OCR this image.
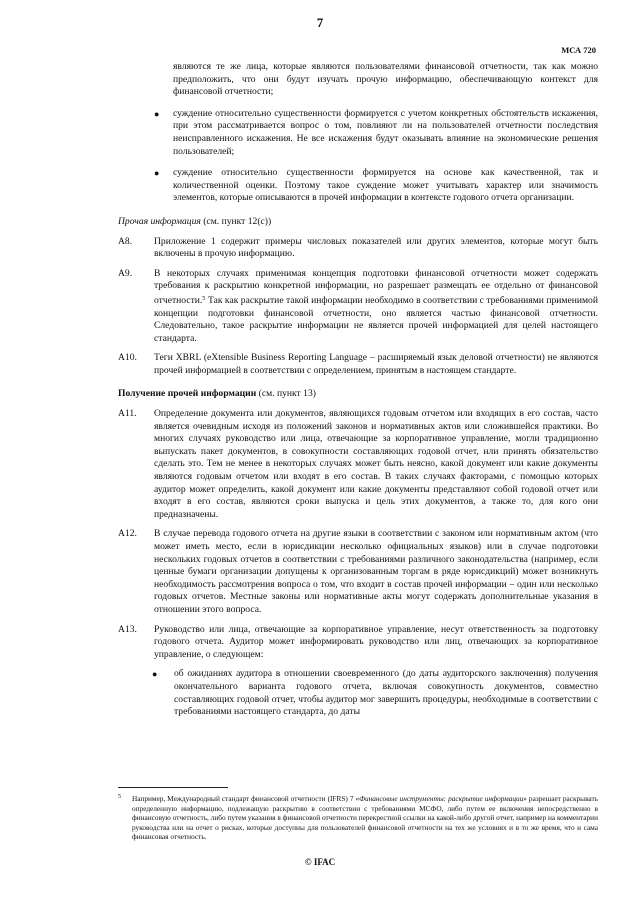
7
МСА 720

являются те же лица, которые являются пользователями финансовой отчетности, так как можно предположить, что они будут изучать прочую информацию, обеспечивающую контекст для финансовой отчетности;

● суждение относительно существенности формируется с учетом конкретных обстоятельств искажения, при этом рассматривается вопрос о том, повлияют ли на пользователей отчетности последствия неисправленного искажения. Не все искажения будут оказывать влияние на экономические решения пользователей;
● суждение относительно существенности формируется на основе как качественной, так и количественной оценки. Поэтому такое суждение может учитывать характер или значимость элементов, которые описываются в прочей информации в контексте годового отчета организации.

Прочая информация (см. пункт 12(c))

A8. Приложение 1 содержит примеры числовых показателей или других элементов, которые могут быть включены в прочую информацию.
A9. В некоторых случаях применимая концепция подготовки финансовой отчетности может содержать требования к раскрытию конкретной информации, но разрешает размещать ее отдельно от финансовой отчетности.$^5$ Так как раскрытие такой информации необходимо в соответствии с требованиями применимой концепции подготовки финансовой отчетности, оно является частью финансовой отчетности. Следовательно, такое раскрытие информации не является прочей информацией для целей настоящего стандарта.
A10. Теги XBRL (eXtensible Business Reporting Language – расширяемый язык деловой отчетности) не являются прочей информацией в соответствии с определением, принятым в настоящем стандарте.

Получение прочей информации (см. пункт 13)

A11. Определение документа или документов, являющихся годовым отчетом или входящих в его состав, часто является очевидным исходя из положений законов и нормативных актов или сложившейся практики. Во многих случаях руководство или лица, отвечающие за корпоративное управление, могли традиционно выпускать пакет документов, в совокупности составляющих годовой отчет, или принять обязательство сделать это. Тем не менее в некоторых случаях может быть неясно, какой документ или какие документы являются годовым отчетом или входят в его состав. В таких случаях факторами, с помощью которых аудитор может определить, какой документ или какие документы представляют собой годовой отчет или входят в его состав, являются сроки выпуска и цель этих документов, а также то, для кого они предназначены.
A12. В случае перевода годового отчета на другие языки в соответствии с законом или нормативным актом (что может иметь место, если в юрисдикции несколько официальных языков) или в случае подготовки нескольких годовых отчетов в соответствии с требованиями различного законодательства (например, если ценные бумаги организации допущены к организованным торгам в ряде юрисдикций) может возникнуть необходимость рассмотрения вопроса о том, что входит в состав прочей информации – один или несколько годовых отчетов. Местные законы или нормативные акты могут содержать дополнительные указания в отношении этого вопроса.
A13. Руководство или лица, отвечающие за корпоративное управление, несут ответственность за подготовку годового отчета. Аудитор может информировать руководство или лиц, отвечающих за корпоративное управление, о следующем:
● об ожиданиях аудитора в отношении своевременного (до даты аудиторского заключения) получения окончательного варианта годового отчета, включая совокупность документов, совместно составляющих годовой отчет, чтобы аудитор мог завершить процедуры, необходимые в соответствии с требованиями настоящего стандарта, до даты
5 Например, Международный стандарт финансовой отчетности (IFRS) 7 «Финансовые инструменты: раскрытие информации» разрешает раскрывать определенную информацию, подлежащую раскрытию в соответствии с требованиями МСФО, либо путем ее включения непосредственно в финансовую отчетность, либо путем указания в финансовой отчетности перекрестной ссылки на какой-либо другой отчет, например на комментарии руководства или на отчет о рисках, которые доступны для пользователей финансовой отчетности на тех же условиях и в то же время, что и сама финансовая отчетность.
© IFAC
